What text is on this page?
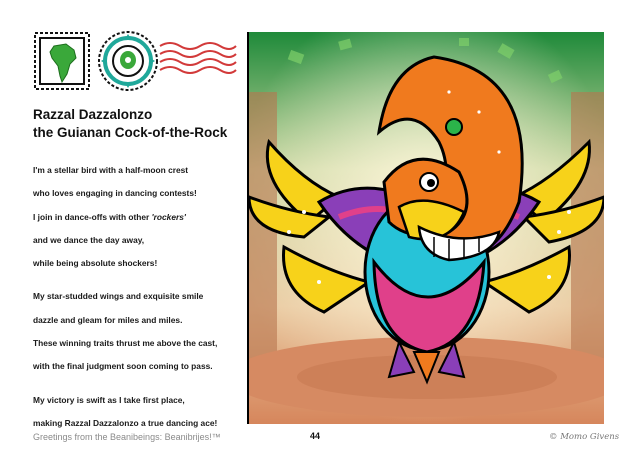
Razzal Dazzalonzo
the Guianan Cock-of-the-Rock
I'm a stellar bird with a half-moon crest
who loves engaging in dancing contests!
I join in dance-offs with other 'rockers'
and we dance the day away,
while being absolute shockers!
My star-studded wings and exquisite smile
dazzle and gleam for miles and miles.
These winning traits thrust me above the cast,
with the final judgment soon coming to pass.
My victory is swift as I take first place,
making Razzal Dazzalonzo a true dancing ace!
Greetings from the Beanibeings: Beanibrijes!™	44	© Momo Givens
